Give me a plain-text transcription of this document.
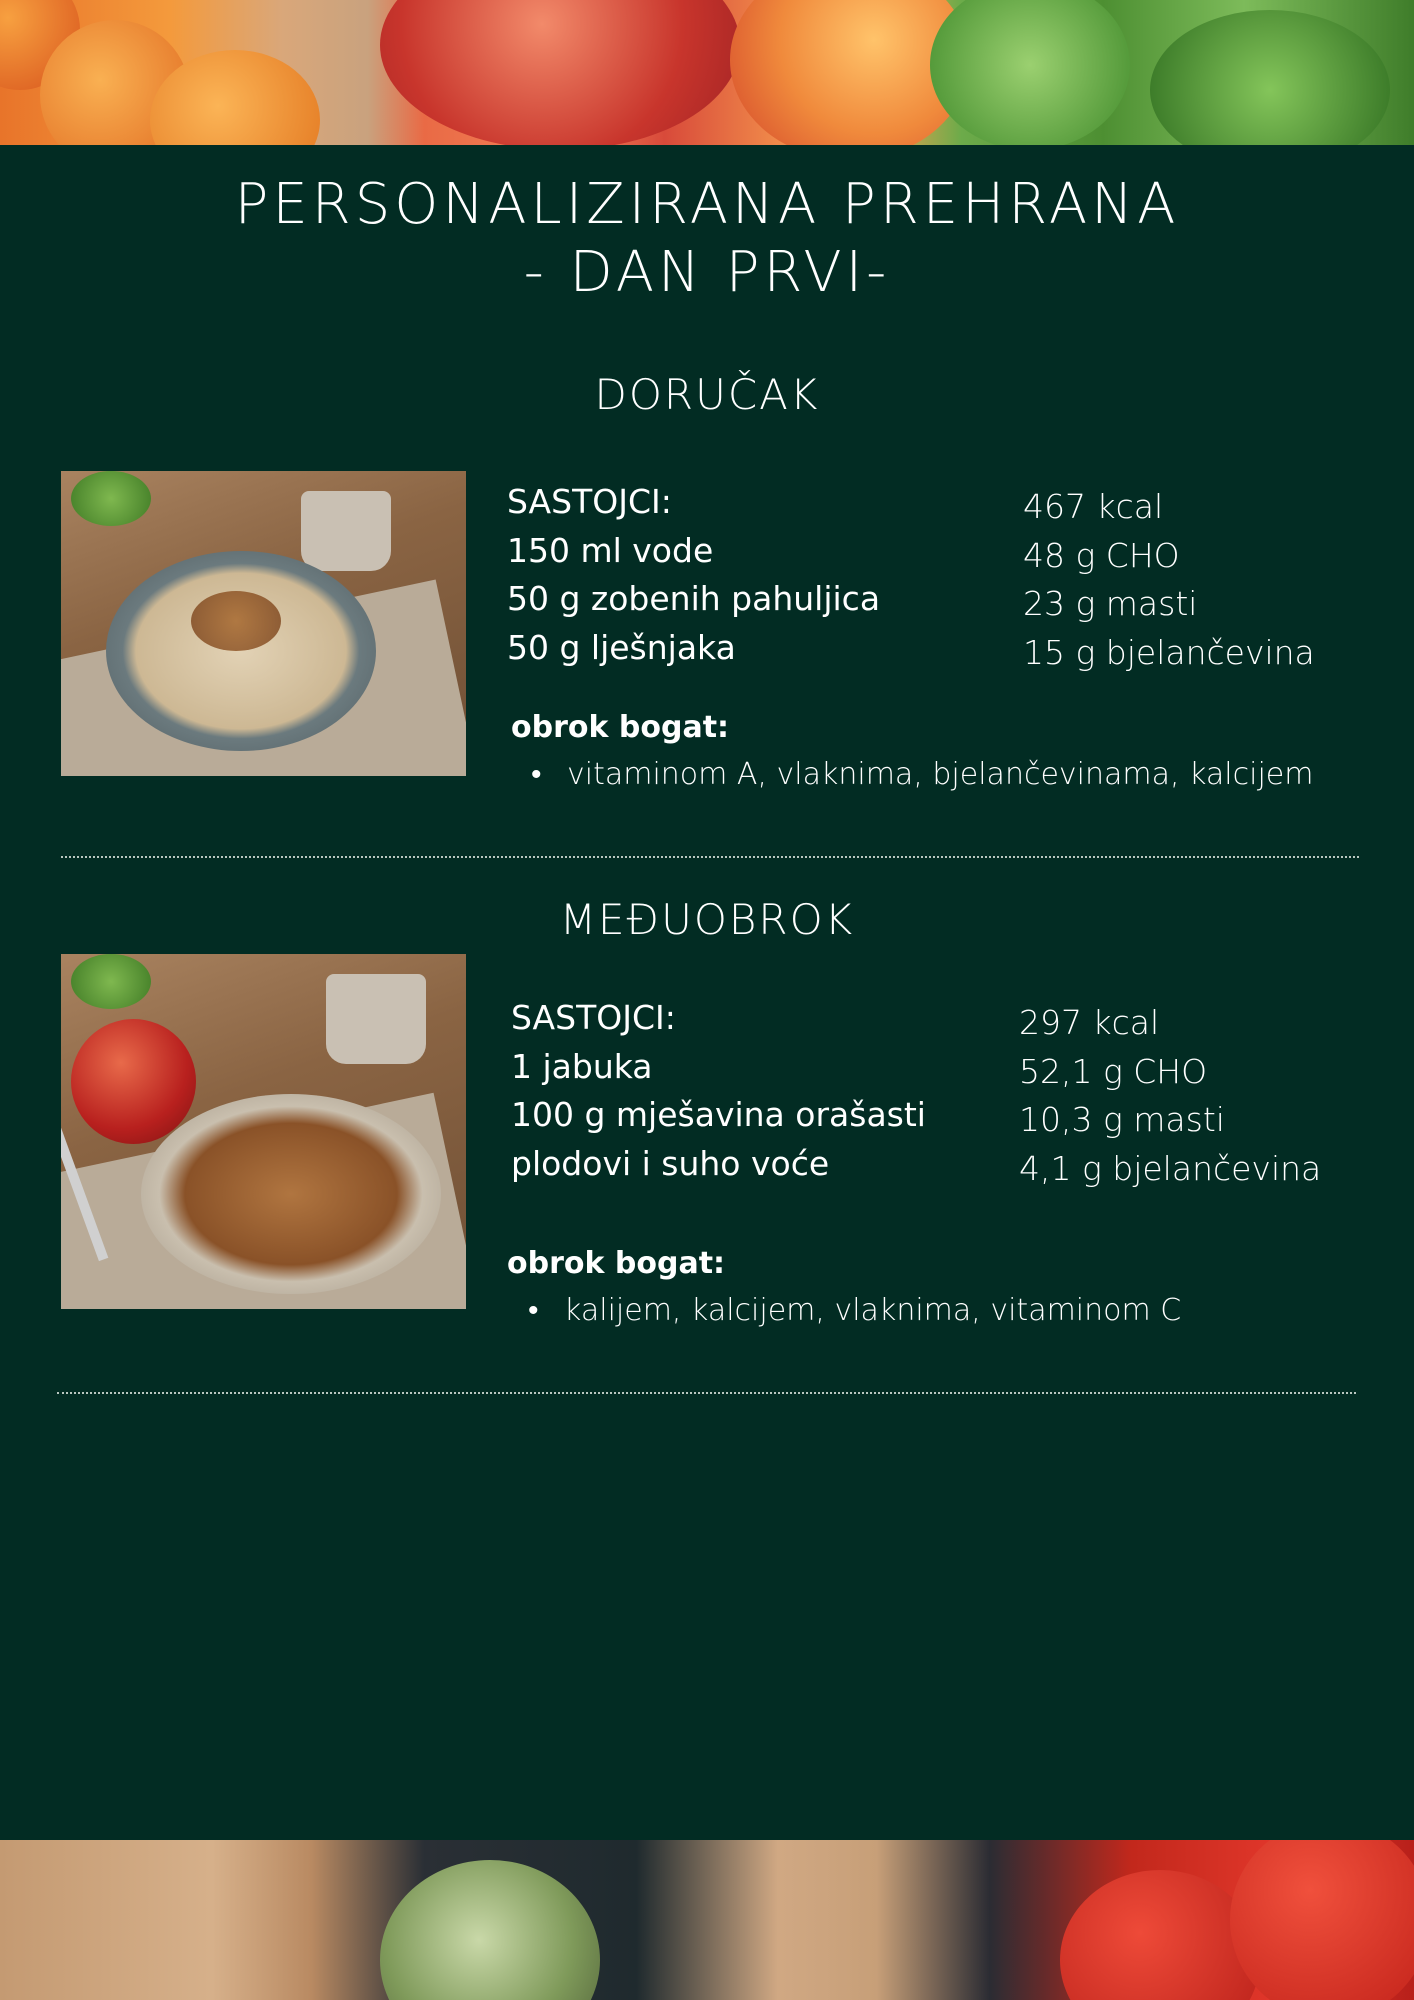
PERSONALIZIRANA PREHRANA
- DAN PRVI-
DORUČAK
SASTOJCI:
150 ml vode
50 g zobenih pahuljica
50 g lješnjaka
467 kcal
48 g CHO
23 g masti
15 g bjelančevina
obrok bogat:
• vitaminom A, vlaknima, bjelančevinama, kalcijem
MEĐUOBROK
SASTOJCI:
1 jabuka
100 g mješavina orašasti
plodovi i suho voće
297 kcal
52,1 g CHO
10,3 g masti
4,1 g bjelančevina
obrok bogat:
• kalijem, kalcijem, vlaknima, vitaminom C
